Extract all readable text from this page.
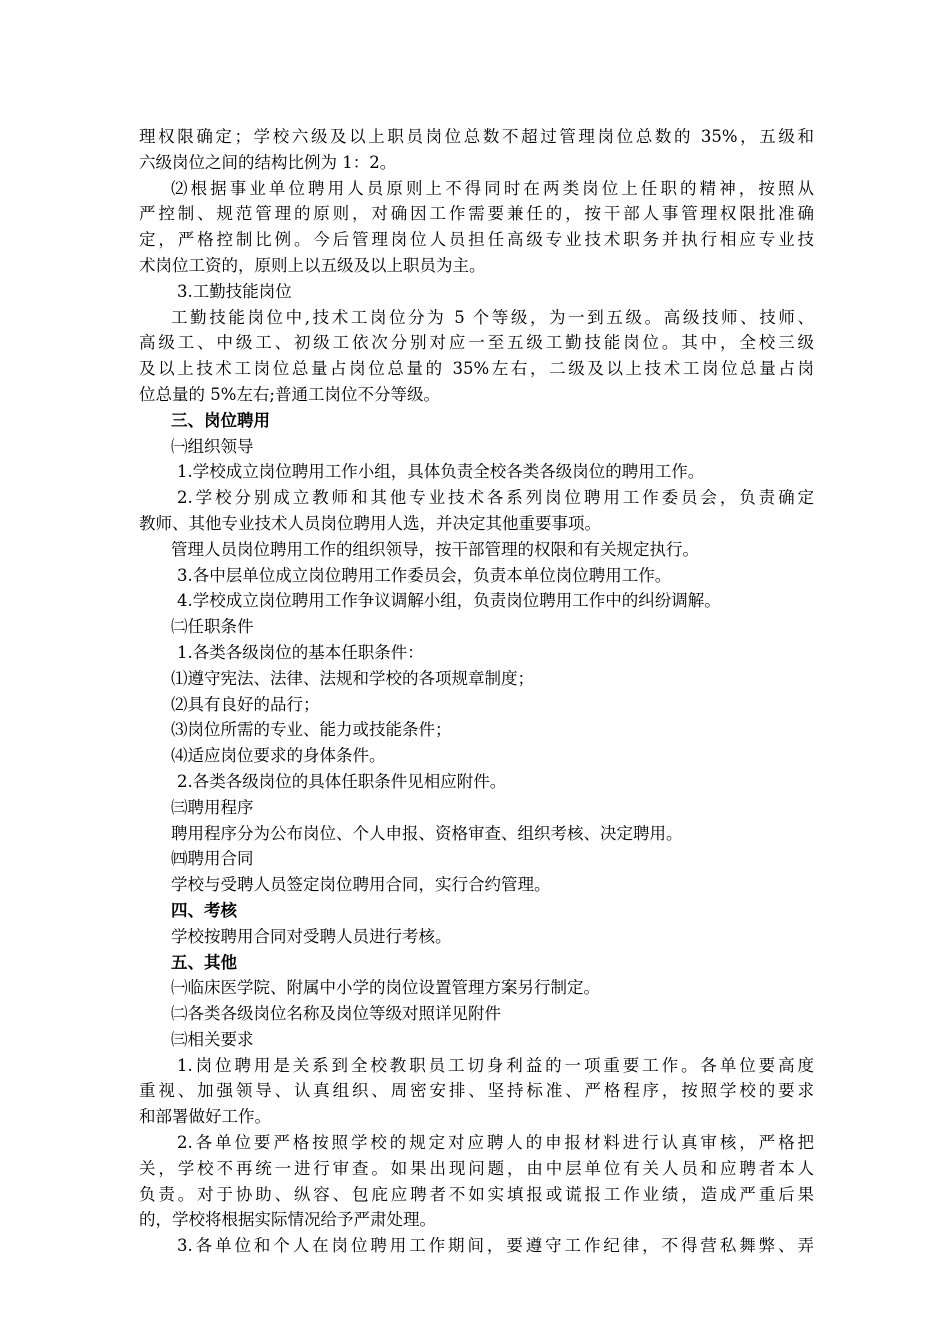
理权限确定；学校六级及以上职员岗位总数不超过管理岗位总数的 35%，五级和
六级岗位之间的结构比例为 1：2。
⑵根据事业单位聘用人员原则上不得同时在两类岗位上任职的精神，按照从
严控制、规范管理的原则，对确因工作需要兼任的，按干部人事管理权限批准确
定，严格控制比例。今后管理岗位人员担任高级专业技术职务并执行相应专业技
术岗位工资的，原则上以五级及以上职员为主。
3.工勤技能岗位
工勤技能岗位中,技术工岗位分为 5 个等级，为一到五级。高级技师、技师、
高级工、中级工、初级工依次分别对应一至五级工勤技能岗位。其中，全校三级
及以上技术工岗位总量占岗位总量的 35%左右，二级及以上技术工岗位总量占岗
位总量的 5%左右;普通工岗位不分等级。
三、岗位聘用
㈠组织领导
1.学校成立岗位聘用工作小组，具体负责全校各类各级岗位的聘用工作。
2.学校分别成立教师和其他专业技术各系列岗位聘用工作委员会，负责确定
教师、其他专业技术人员岗位聘用人选，并决定其他重要事项。
管理人员岗位聘用工作的组织领导，按干部管理的权限和有关规定执行。
3.各中层单位成立岗位聘用工作委员会，负责本单位岗位聘用工作。
4.学校成立岗位聘用工作争议调解小组，负责岗位聘用工作中的纠纷调解。
㈡任职条件
1.各类各级岗位的基本任职条件：
⑴遵守宪法、法律、法规和学校的各项规章制度；
⑵具有良好的品行；
⑶岗位所需的专业、能力或技能条件；
⑷适应岗位要求的身体条件。
2.各类各级岗位的具体任职条件见相应附件。
㈢聘用程序
聘用程序分为公布岗位、个人申报、资格审查、组织考核、决定聘用。
㈣聘用合同
学校与受聘人员签定岗位聘用合同，实行合约管理。
四、考核
学校按聘用合同对受聘人员进行考核。
五、其他
㈠临床医学院、附属中小学的岗位设置管理方案另行制定。
㈡各类各级岗位名称及岗位等级对照详见附件
㈢相关要求
1.岗位聘用是关系到全校教职员工切身利益的一项重要工作。各单位要高度
重视、加强领导、认真组织、周密安排、坚持标准、严格程序，按照学校的要求
和部署做好工作。
2.各单位要严格按照学校的规定对应聘人的申报材料进行认真审核，严格把
关，学校不再统一进行审查。如果出现问题，由中层单位有关人员和应聘者本人
负责。对于协助、纵容、包庇应聘者不如实填报或谎报工作业绩，造成严重后果
的，学校将根据实际情况给予严肃处理。
3.各单位和个人在岗位聘用工作期间，要遵守工作纪律，不得营私舞弊、弄
